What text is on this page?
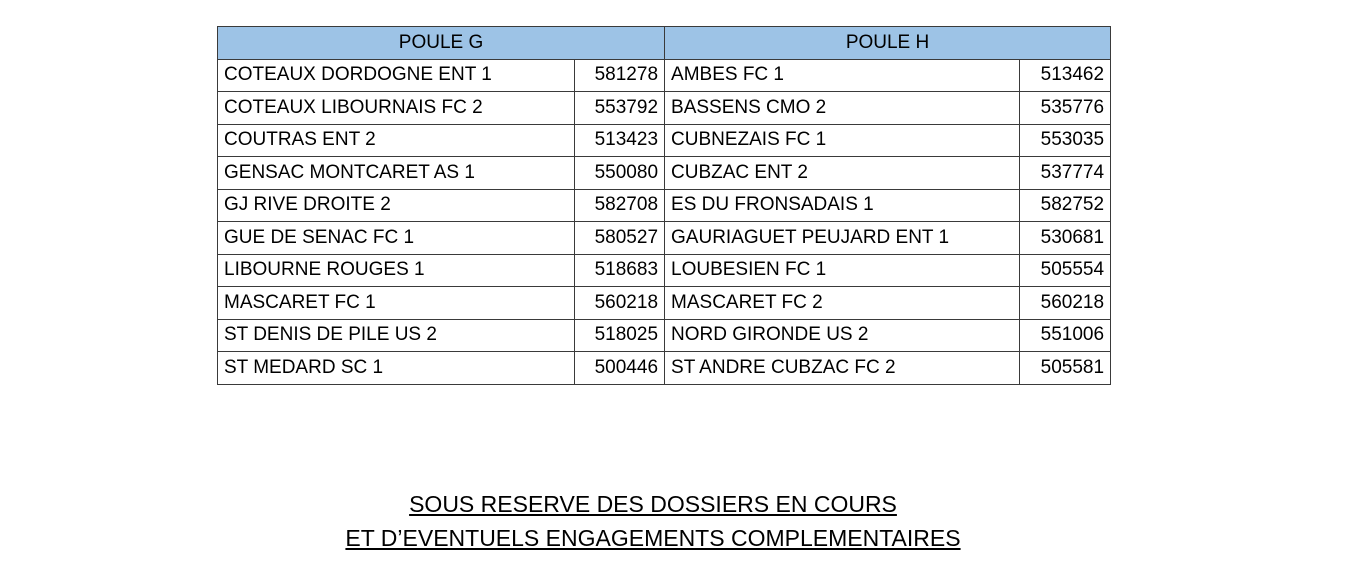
POULE G		POULE H	
COTEAUX DORDOGNE ENT 1	581278	AMBES FC 1	513462
COTEAUX LIBOURNAIS FC 2	553792	BASSENS CMO 2	535776
COUTRAS ENT 2	513423	CUBNEZAIS FC 1	553035
GENSAC MONTCARET AS 1	550080	CUBZAC ENT 2	537774
GJ RIVE DROITE 2	582708	ES DU FRONSADAIS 1	582752
GUE DE SENAC FC 1	580527	GAURIAGUET PEUJARD ENT 1	530681
LIBOURNE ROUGES 1	518683	LOUBESIEN FC 1	505554
MASCARET FC 1	560218	MASCARET FC 2	560218
ST DENIS DE PILE US 2	518025	NORD GIRONDE US 2	551006
ST MEDARD SC 1	500446	ST ANDRE CUBZAC FC 2	505581
SOUS RESERVE DES DOSSIERS EN COURS
ET D’EVENTUELS ENGAGEMENTS COMPLEMENTAIRES
